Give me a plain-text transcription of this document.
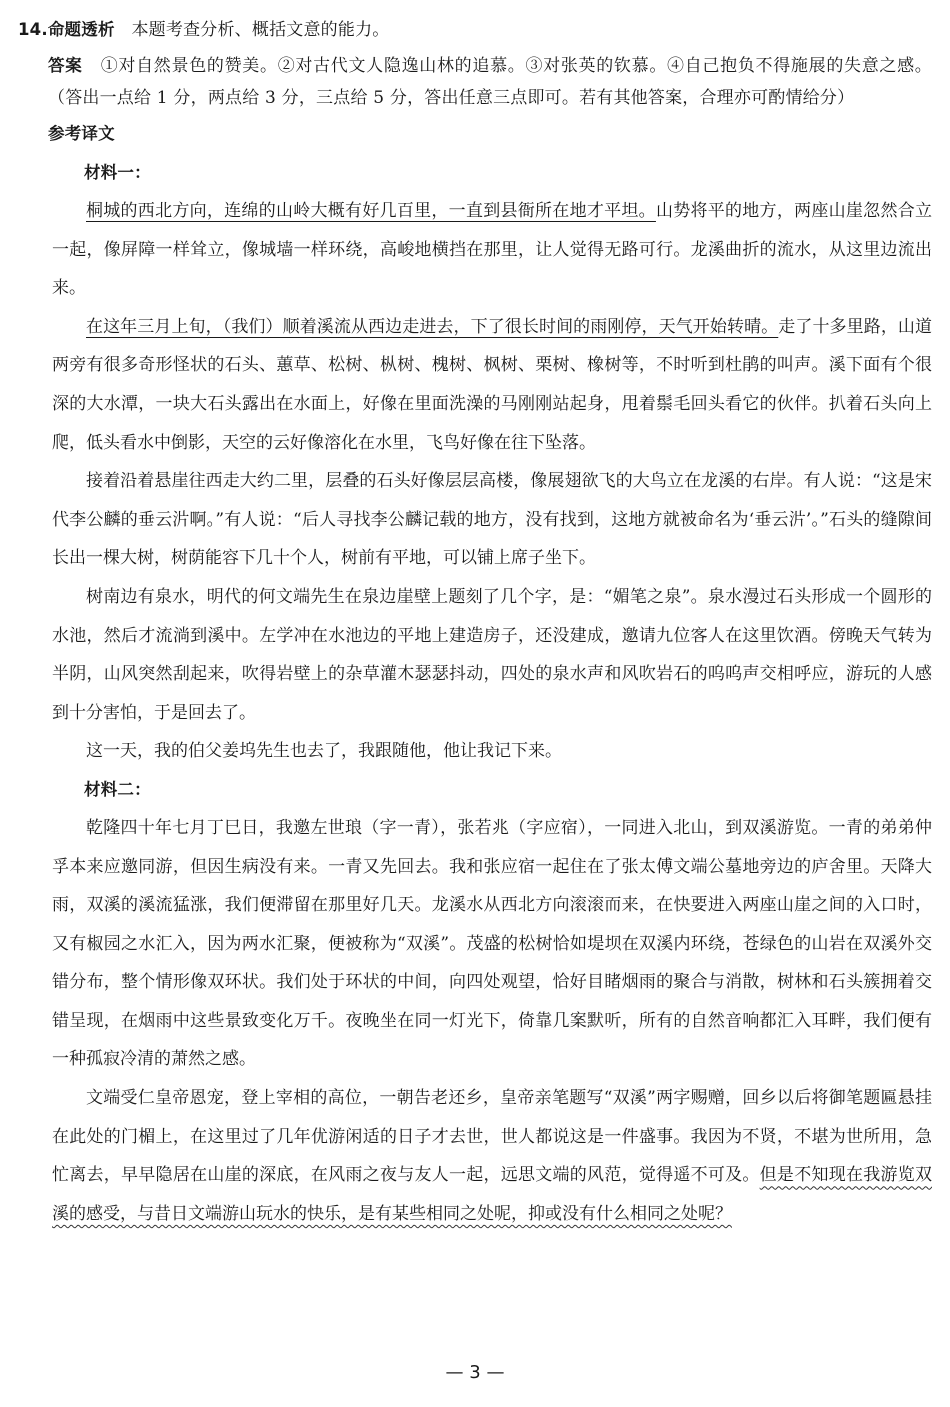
14.命题透析 本题考查分析、概括文意的能力。
答案 ①对自然景色的赞美。②对古代文人隐逸山林的追慕。③对张英的钦慕。④自己抱负不得施展的失意之感。（答出一点给 1 分，两点给 3 分，三点给 5 分，答出任意三点即可。若有其他答案，合理亦可酌情给分）
参考译文
材料一：

桐城的西北方向，连绵的山岭大概有好几百里，一直到县衙所在地才平坦。山势将平的地方，两座山崖忽然合立一起，像屏障一样耸立，像城墙一样环绕，高峻地横挡在那里，让人觉得无路可行。龙溪曲折的流水，从这里边流出来。

在这年三月上旬，（我们）顺着溪流从西边走进去，下了很长时间的雨刚停，天气开始转晴。走了十多里路，山道两旁有很多奇形怪状的石头、蕙草、松树、枞树、槐树、枫树、栗树、橡树等，不时听到杜鹃的叫声。溪下面有个很深的大水潭，一块大石头露出在水面上，好像在里面洗澡的马刚刚站起身，甩着鬃毛回头看它的伙伴。扒着石头向上爬，低头看水中倒影，天空的云好像溶化在水里，飞鸟好像在往下坠落。

接着沿着悬崖往西走大约二里，层叠的石头好像层层高楼，像展翅欲飞的大鸟立在龙溪的右岸。有人说：“这是宋代李公麟的垂云沜啊。”有人说：“后人寻找李公麟记载的地方，没有找到，这地方就被命名为‘垂云沜’。”石头的缝隙间长出一棵大树，树荫能容下几十个人，树前有平地，可以铺上席子坐下。

树南边有泉水，明代的何文端先生在泉边崖壁上题刻了几个字，是：“媚笔之泉”。泉水漫过石头形成一个圆形的水池，然后才流淌到溪中。左学冲在水池边的平地上建造房子，还没建成，邀请九位客人在这里饮酒。傍晚天气转为半阴，山风突然刮起来，吹得岩壁上的杂草灌木瑟瑟抖动，四处的泉水声和风吹岩石的呜呜声交相呼应，游玩的人感到十分害怕，于是回去了。

这一天，我的伯父姜坞先生也去了，我跟随他，他让我记下来。

材料二：

乾隆四十年七月丁巳日，我邀左世琅（字一青），张若兆（字应宿），一同进入北山，到双溪游览。一青的弟弟仲孚本来应邀同游，但因生病没有来。一青又先回去。我和张应宿一起住在了张太傅文端公墓地旁边的庐舍里。天降大雨，双溪的溪流猛涨，我们便滞留在那里好几天。龙溪水从西北方向滚滚而来，在快要进入两座山崖之间的入口时，又有椒园之水汇入，因为两水汇聚，便被称为“双溪”。茂盛的松树恰如堤坝在双溪内环绕，苍绿色的山岩在双溪外交错分布，整个情形像双环状。我们处于环状的中间，向四处观望，恰好目睹烟雨的聚合与消散，树林和石头簇拥着交错呈现，在烟雨中这些景致变化万千。夜晚坐在同一灯光下，倚靠几案默听，所有的自然音响都汇入耳畔，我们便有一种孤寂冷清的萧然之感。

文端受仁皇帝恩宠，登上宰相的高位，一朝告老还乡，皇帝亲笔题写“双溪”两字赐赠，回乡以后将御笔题匾悬挂在此处的门楣上，在这里过了几年优游闲适的日子才去世，世人都说这是一件盛事。我因为不贤，不堪为世所用，急忙离去，早早隐居在山崖的深底，在风雨之夜与友人一起，远思文端的风范，觉得遥不可及。但是不知现在我游览双溪的感受，与昔日文端游山玩水的快乐，是有某些相同之处呢，抑或没有什么相同之处呢？

— 3 —
